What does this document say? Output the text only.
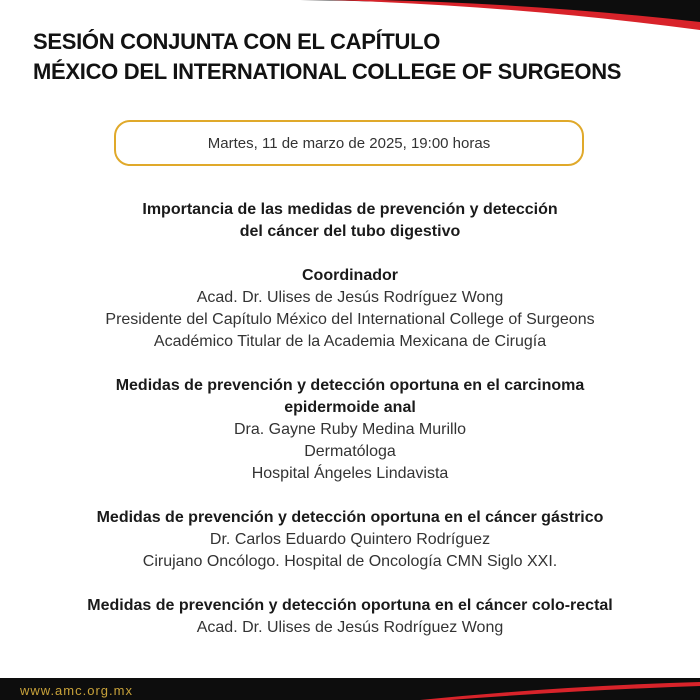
SESIÓN CONJUNTA CON EL CAPÍTULO
MÉXICO DEL INTERNATIONAL COLLEGE OF SURGEONS
Martes, 11 de marzo de 2025, 19:00 horas
Importancia de las medidas de prevención y detección
del cáncer del tubo digestivo
Coordinador
Acad. Dr. Ulises de Jesús Rodríguez Wong
Presidente del Capítulo México del International College of Surgeons
Académico Titular de la Academia Mexicana de Cirugía
Medidas de prevención y detección oportuna en el carcinoma
epidermoide anal
Dra. Gayne Ruby Medina Murillo
Dermatóloga
Hospital Ángeles Lindavista
Medidas de prevención y detección oportuna en el cáncer gástrico
Dr. Carlos Eduardo Quintero Rodríguez
Cirujano Oncólogo. Hospital de Oncología CMN Siglo XXI.
Medidas de prevención y detección oportuna en el cáncer colo-rectal
Acad. Dr. Ulises de Jesús Rodríguez Wong
www.amc.org.mx
